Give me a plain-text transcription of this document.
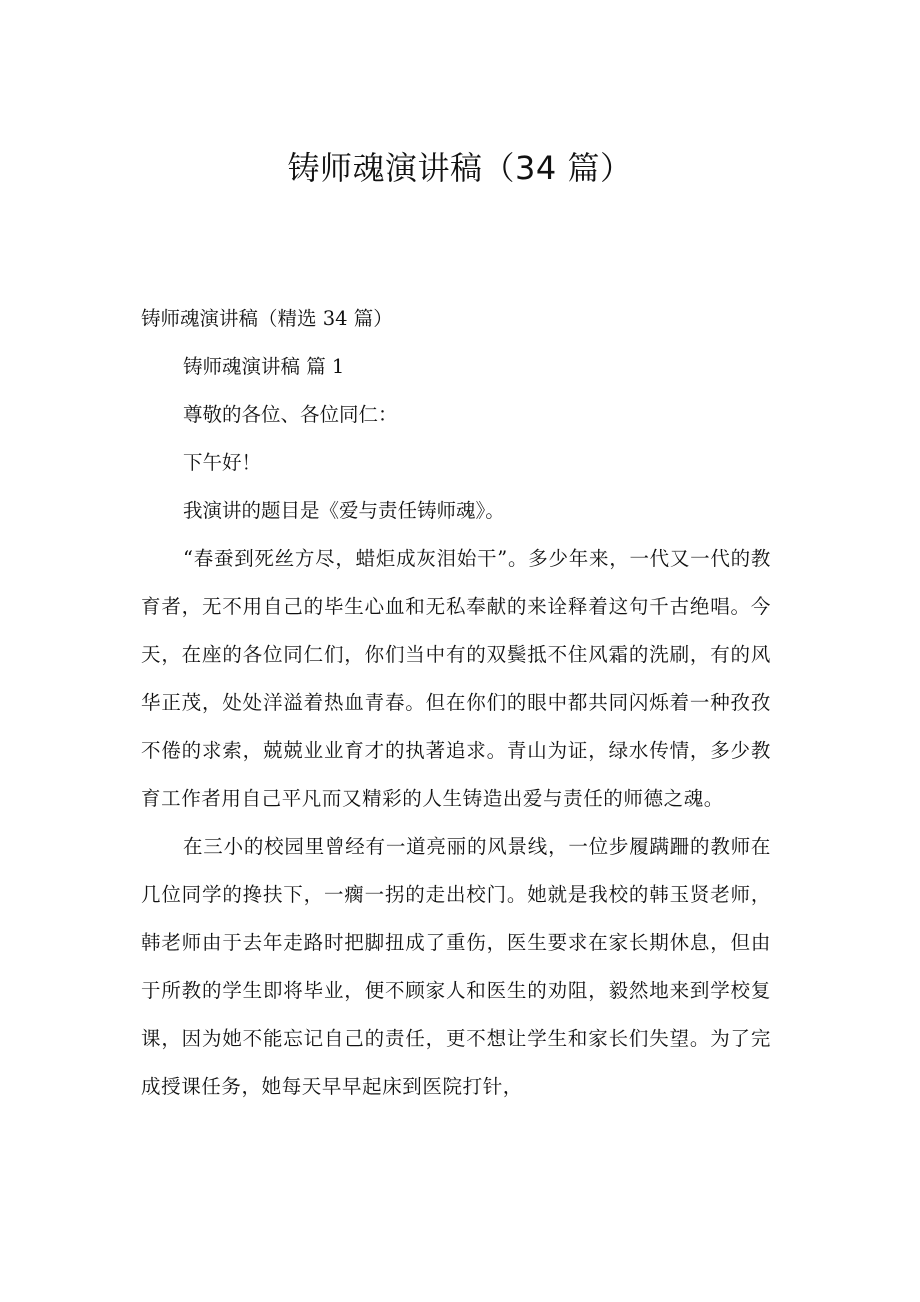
铸师魂演讲稿（34 篇）
铸师魂演讲稿（精选 34 篇）
铸师魂演讲稿 篇 1
尊敬的各位、各位同仁：
下午好！
我演讲的题目是《爱与责任铸师魂》。

“春蚕到死丝方尽，蜡炬成灰泪始干”。多少年来，一代又一代的教育者，无不用自己的毕生心血和无私奉献的来诠释着这句千古绝唱。今天，在座的各位同仁们，你们当中有的双鬓抵不住风霜的洗刷，有的风华正茂，处处洋溢着热血青春。但在你们的眼中都共同闪烁着一种孜孜不倦的求索，兢兢业业育才的执著追求。青山为证，绿水传情，多少教育工作者用自己平凡而又精彩的人生铸造出爱与责任的师德之魂。

在三小的校园里曾经有一道亮丽的风景线，一位步履蹒跚的教师在几位同学的搀扶下，一瘸一拐的走出校门。她就是我校的韩玉贤老师，韩老师由于去年走路时把脚扭成了重伤，医生要求在家长期休息，但由于所教的学生即将毕业，便不顾家人和医生的劝阻，毅然地来到学校复课，因为她不能忘记自己的责任，更不想让学生和家长们失望。为了完成授课任务，她每天早早起床到医院打针，
